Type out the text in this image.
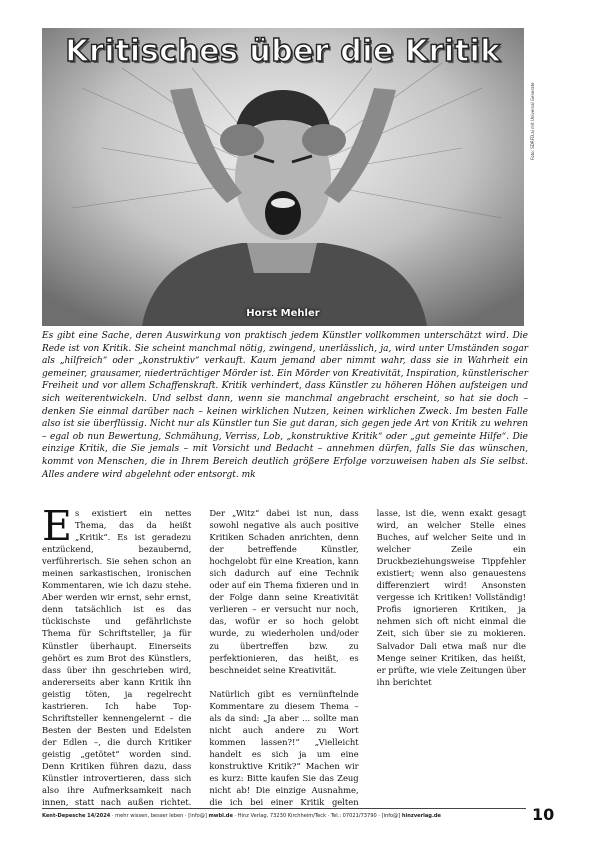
Kritisches über die Kritik
Horst Mehler
Foto: SDRFD.ai mit Universal Generate

Es gibt eine Sache, deren Auswirkung von praktisch jedem Künstler vollkommen unterschätzt wird. Die Rede ist von Kritik. Sie scheint manchmal nötig, zwingend, unerlässlich, ja, wird unter Umständen sogar als „hilfreich“ oder „konstruktiv“ verkauft. Kaum jemand aber nimmt wahr, dass sie in Wahrheit ein gemeiner, grausamer, niederträchtiger Mörder ist. Ein Mörder von Kreativität, Inspiration, künstlerischer Freiheit und vor allem Schaffenskraft. Kritik verhindert, dass Künstler zu höheren Höhen aufsteigen und sich weiterentwickeln. Und selbst dann, wenn sie manchmal angebracht erscheint, so hat sie doch – denken Sie einmal darüber nach – keinen wirklichen Nutzen, keinen wirklichen Zweck. Im besten Falle also ist sie überflüssig. Nicht nur als Künstler tun Sie gut daran, sich gegen jede Art von Kritik zu wehren – egal ob nun Bewertung, Schmähung, Verriss, Lob, „konstruktive Kritik“ oder „gut gemeinte Hilfe“. Die einzige Kritik, die Sie jemals – mit Vorsicht und Bedacht – annehmen dürfen, falls Sie das wünschen, kommt von Menschen, die in Ihrem Bereich deutlich größere Erfolge vorzuweisen haben als Sie selbst. Alles andere wird abgelehnt oder entsorgt. mk

Es existiert ein nettes Thema, das da heißt „Kritik“. Es ist geradezu entzückend, bezaubernd, verführerisch. Sie sehen schon an meinen sarkastischen, ironischen Kommentaren, wie ich dazu stehe. Aber werden wir ernst, sehr ernst, denn tatsächlich ist es das tückischste und gefährlichste Thema für Schriftsteller, ja für Künstler überhaupt. Einerseits gehört es zum Brot des Künstlers, dass über ihn geschrieben wird, andererseits aber kann Kritik ihn geistig töten, ja regelrecht kastrieren. Ich habe Top-Schriftsteller kennengelernt – die Besten der Besten und Edelsten der Edlen –, die durch Kritiker geistig „getötet“ worden sind. Denn Kritiken führen dazu, dass Künstler introvertieren, dass sich also ihre Aufmerksamkeit nach innen, statt nach außen richtet. Der „Witz“ dabei ist nun, dass sowohl negative als auch positive Kritiken Schaden anrichten, denn der betreffende Künstler, hochgelobt für eine Kreation, kann sich dadurch auf eine Technik oder auf ein Thema fixieren und in der Folge dann seine Kreativität verlieren – er versucht nur noch, das, wofür er so hoch gelobt wurde, zu wiederholen und/oder zu übertreffen bzw. zu perfektionieren, das heißt, es beschneidet seine Kreativität.

Natürlich gibt es vernünftelnde Kommentare zu diesem Thema – als da sind: „Ja aber ... sollte man nicht auch andere zu Wort kommen lassen?!“ „Vielleicht handelt es sich ja um eine konstruktive Kritik?“ Machen wir es kurz: Bitte kaufen Sie das Zeug nicht ab! Die einzige Ausnahme, die ich bei einer Kritik gelten lasse, ist die, wenn exakt gesagt wird, an welcher Stelle eines Buches, auf welcher Seite und in welcher Zeile ein Druckbeziehungsweise Tippfehler existiert; wenn also genauestens differenziert wird! Ansonsten vergesse ich Kritiken! Vollständig! Profis ignorieren Kritiken, ja nehmen sich oft nicht einmal die Zeit, sich über sie zu mokieren. Salvador Dali etwa maß nur die Menge seiner Kritiken, das heißt, er prüfte, wie viele Zeitungen über ihn berichtet

Kent-Depesche 14/2024 · mehr wissen, besser leben · [info@] mwbl.de · Hinz Verlag, 73230 Kirchheim/Teck · Tel.: 07021/73790 · [info@] hinzverlag.de	10
